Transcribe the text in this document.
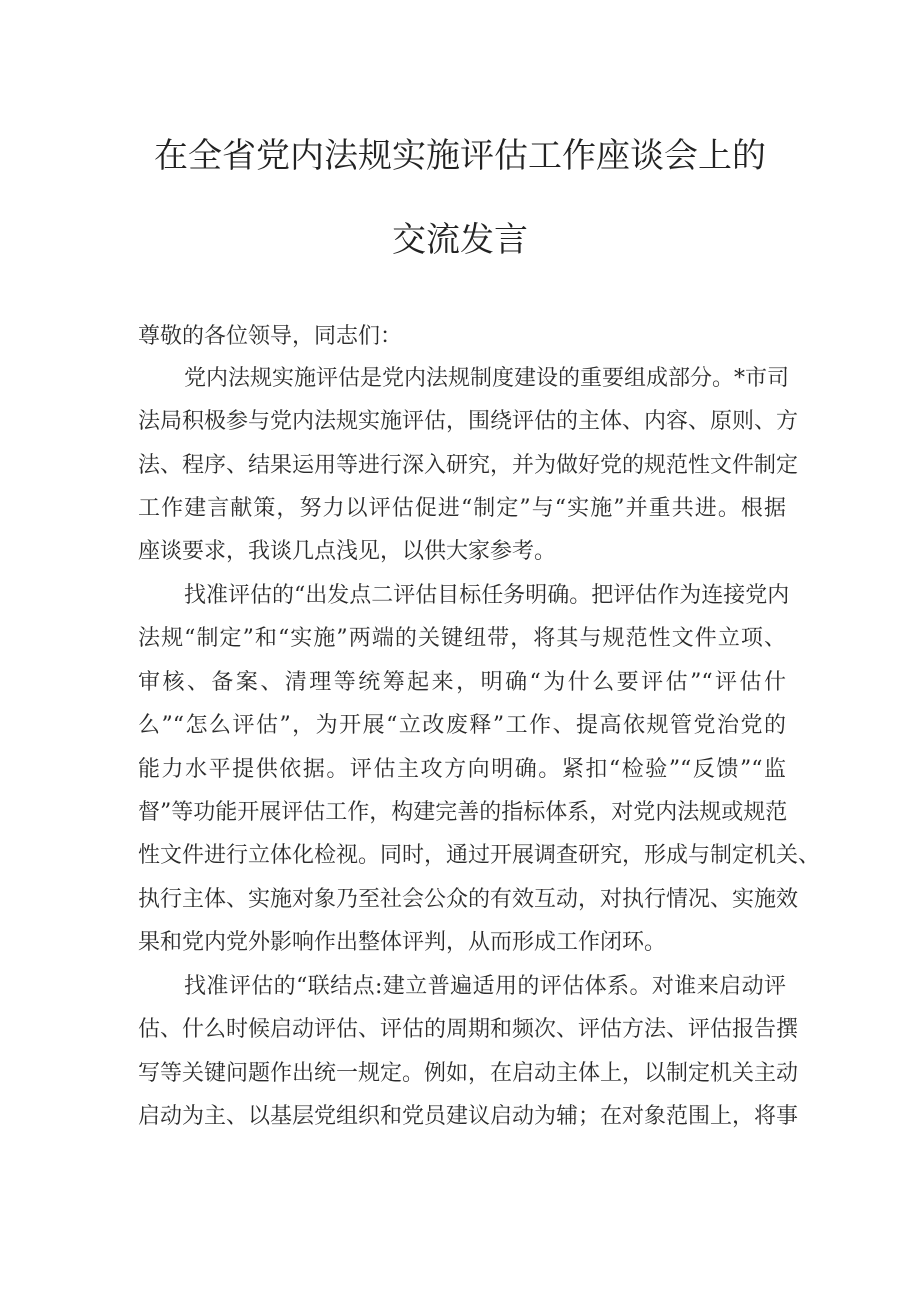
在全省党内法规实施评估工作座谈会上的
交流发言
尊敬的各位领导，同志们：
党内法规实施评估是党内法规制度建设的重要组成部分。*市司
法局积极参与党内法规实施评估，围绕评估的主体、内容、原则、方
法、程序、结果运用等进行深入研究，并为做好党的规范性文件制定
工作建言献策，努力以评估促进“制定”与“实施”并重共进。根据
座谈要求，我谈几点浅见，以供大家参考。
找准评估的“出发点二评估目标任务明确。把评估作为连接党内
法规“制定”和“实施”两端的关键纽带，将其与规范性文件立项、
审核、备案、清理等统筹起来，明确“为什么要评估”“评估什
么”“怎么评估”，为开展“立改废释”工作、提高依规管党治党的
能力水平提供依据。评估主攻方向明确。紧扣“检验”“反馈”“监
督”等功能开展评估工作，构建完善的指标体系，对党内法规或规范
性文件进行立体化检视。同时，通过开展调查研究，形成与制定机关、
执行主体、实施对象乃至社会公众的有效互动，对执行情况、实施效
果和党内党外影响作出整体评判，从而形成工作闭环。
找准评估的“联结点:建立普遍适用的评估体系。对谁来启动评
估、什么时候启动评估、评估的周期和频次、评估方法、评估报告撰
写等关键问题作出统一规定。例如，在启动主体上，以制定机关主动
启动为主、以基层党组织和党员建议启动为辅；在对象范围上，将事
